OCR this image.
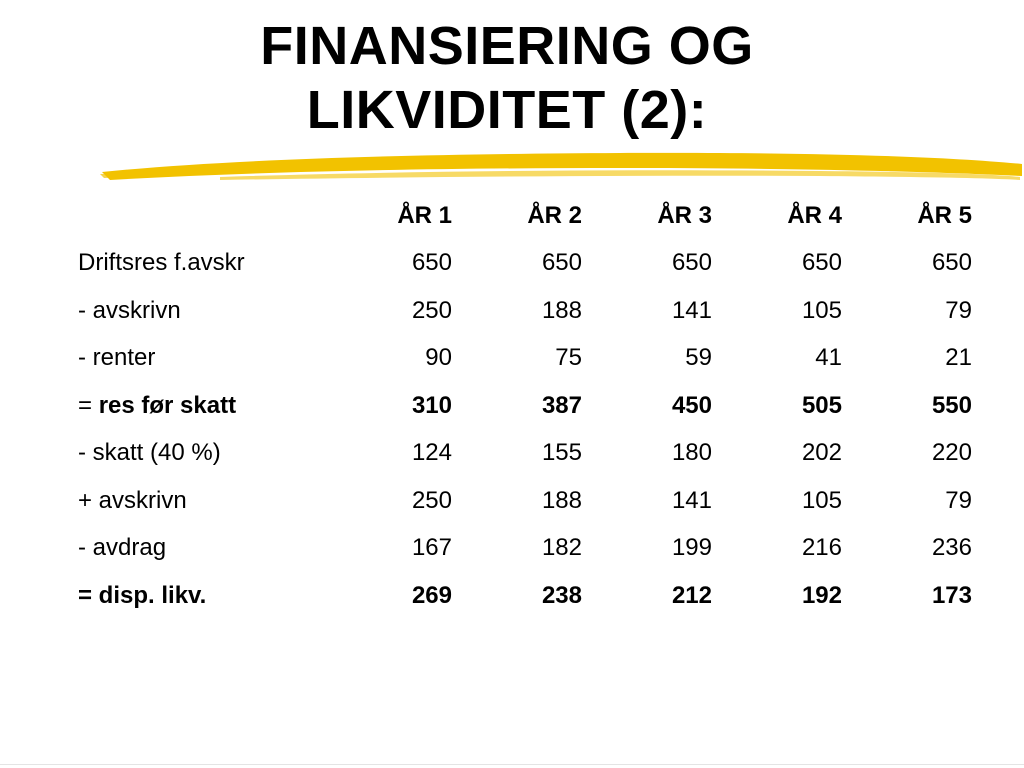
FINANSIERING OG
LIKVIDITET (2):
	ÅR 1	ÅR 2	ÅR 3	ÅR 4	ÅR 5
Driftsres f.avskr	650	650	650	650	650
- avskrivn	250	188	141	105	79
- renter	90	75	59	41	21
= res før skatt	310	387	450	505	550
- skatt (40 %)	124	155	180	202	220
+ avskrivn	250	188	141	105	79
- avdrag	167	182	199	216	236
= disp. likv.	269	238	212	192	173
